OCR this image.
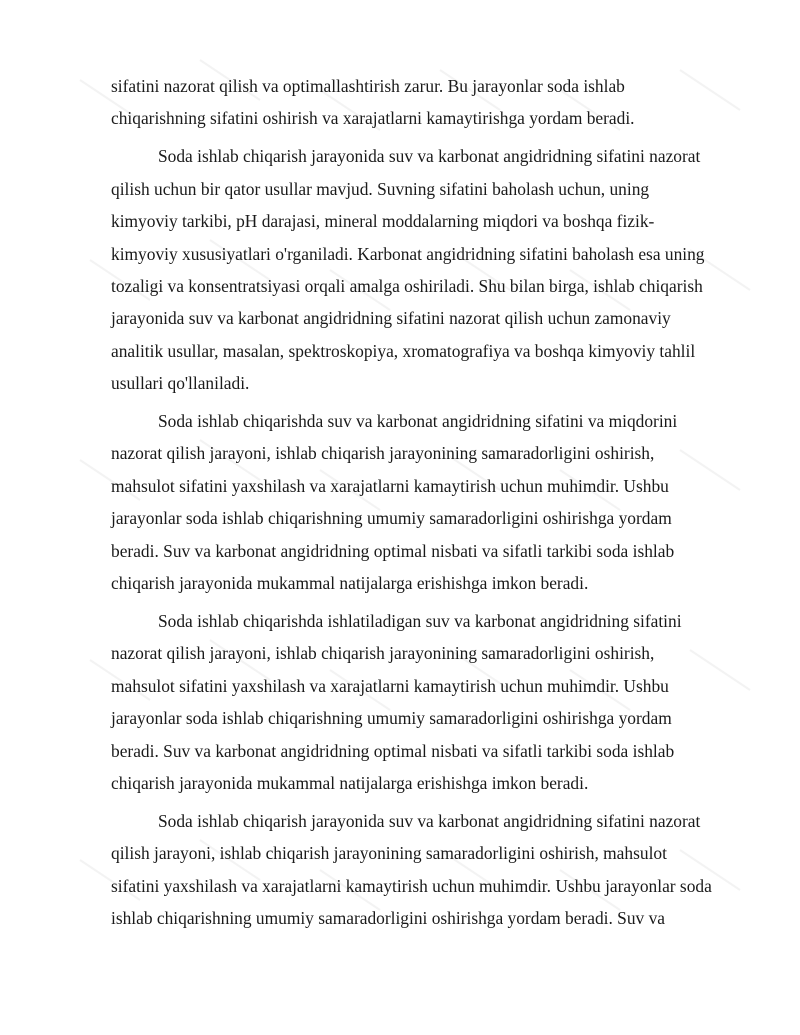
sifatini nazorat qilish va optimallashtirish zarur. Bu jarayonlar soda ishlab
chiqarishning sifatini oshirish va xarajatlarni kamaytirishga yordam beradi.

Soda ishlab chiqarish jarayonida suv va karbonat angidridning sifatini nazorat
qilish uchun bir qator usullar mavjud. Suvning sifatini baholash uchun, uning
kimyoviy tarkibi, pH darajasi, mineral moddalarning miqdori va boshqa fizik-
kimyoviy xususiyatlari o'rganiladi. Karbonat angidridning sifatini baholash esa uning
tozaligi va konsentratsiyasi orqali amalga oshiriladi. Shu bilan birga, ishlab chiqarish
jarayonida suv va karbonat angidridning sifatini nazorat qilish uchun zamonaviy
analitik usullar, masalan, spektroskopiya, xromatografiya va boshqa kimyoviy tahlil
usullari qo'llaniladi.

Soda ishlab chiqarishda suv va karbonat angidridning sifatini va miqdorini
nazorat qilish jarayoni, ishlab chiqarish jarayonining samaradorligini oshirish,
mahsulot sifatini yaxshilash va xarajatlarni kamaytirish uchun muhimdir. Ushbu
jarayonlar soda ishlab chiqarishning umumiy samaradorligini oshirishga yordam
beradi. Suv va karbonat angidridning optimal nisbati va sifatli tarkibi soda ishlab
chiqarish jarayonida mukammal natijalarga erishishga imkon beradi.

Soda ishlab chiqarishda ishlatiladigan suv va karbonat angidridning sifatini
nazorat qilish jarayoni, ishlab chiqarish jarayonining samaradorligini oshirish,
mahsulot sifatini yaxshilash va xarajatlarni kamaytirish uchun muhimdir. Ushbu
jarayonlar soda ishlab chiqarishning umumiy samaradorligini oshirishga yordam
beradi. Suv va karbonat angidridning optimal nisbati va sifatli tarkibi soda ishlab
chiqarish jarayonida mukammal natijalarga erishishga imkon beradi.

Soda ishlab chiqarish jarayonida suv va karbonat angidridning sifatini nazorat
qilish jarayoni, ishlab chiqarish jarayonining samaradorligini oshirish, mahsulot
sifatini yaxshilash va xarajatlarni kamaytirish uchun muhimdir. Ushbu jarayonlar soda
ishlab chiqarishning umumiy samaradorligini oshirishga yordam beradi. Suv va
